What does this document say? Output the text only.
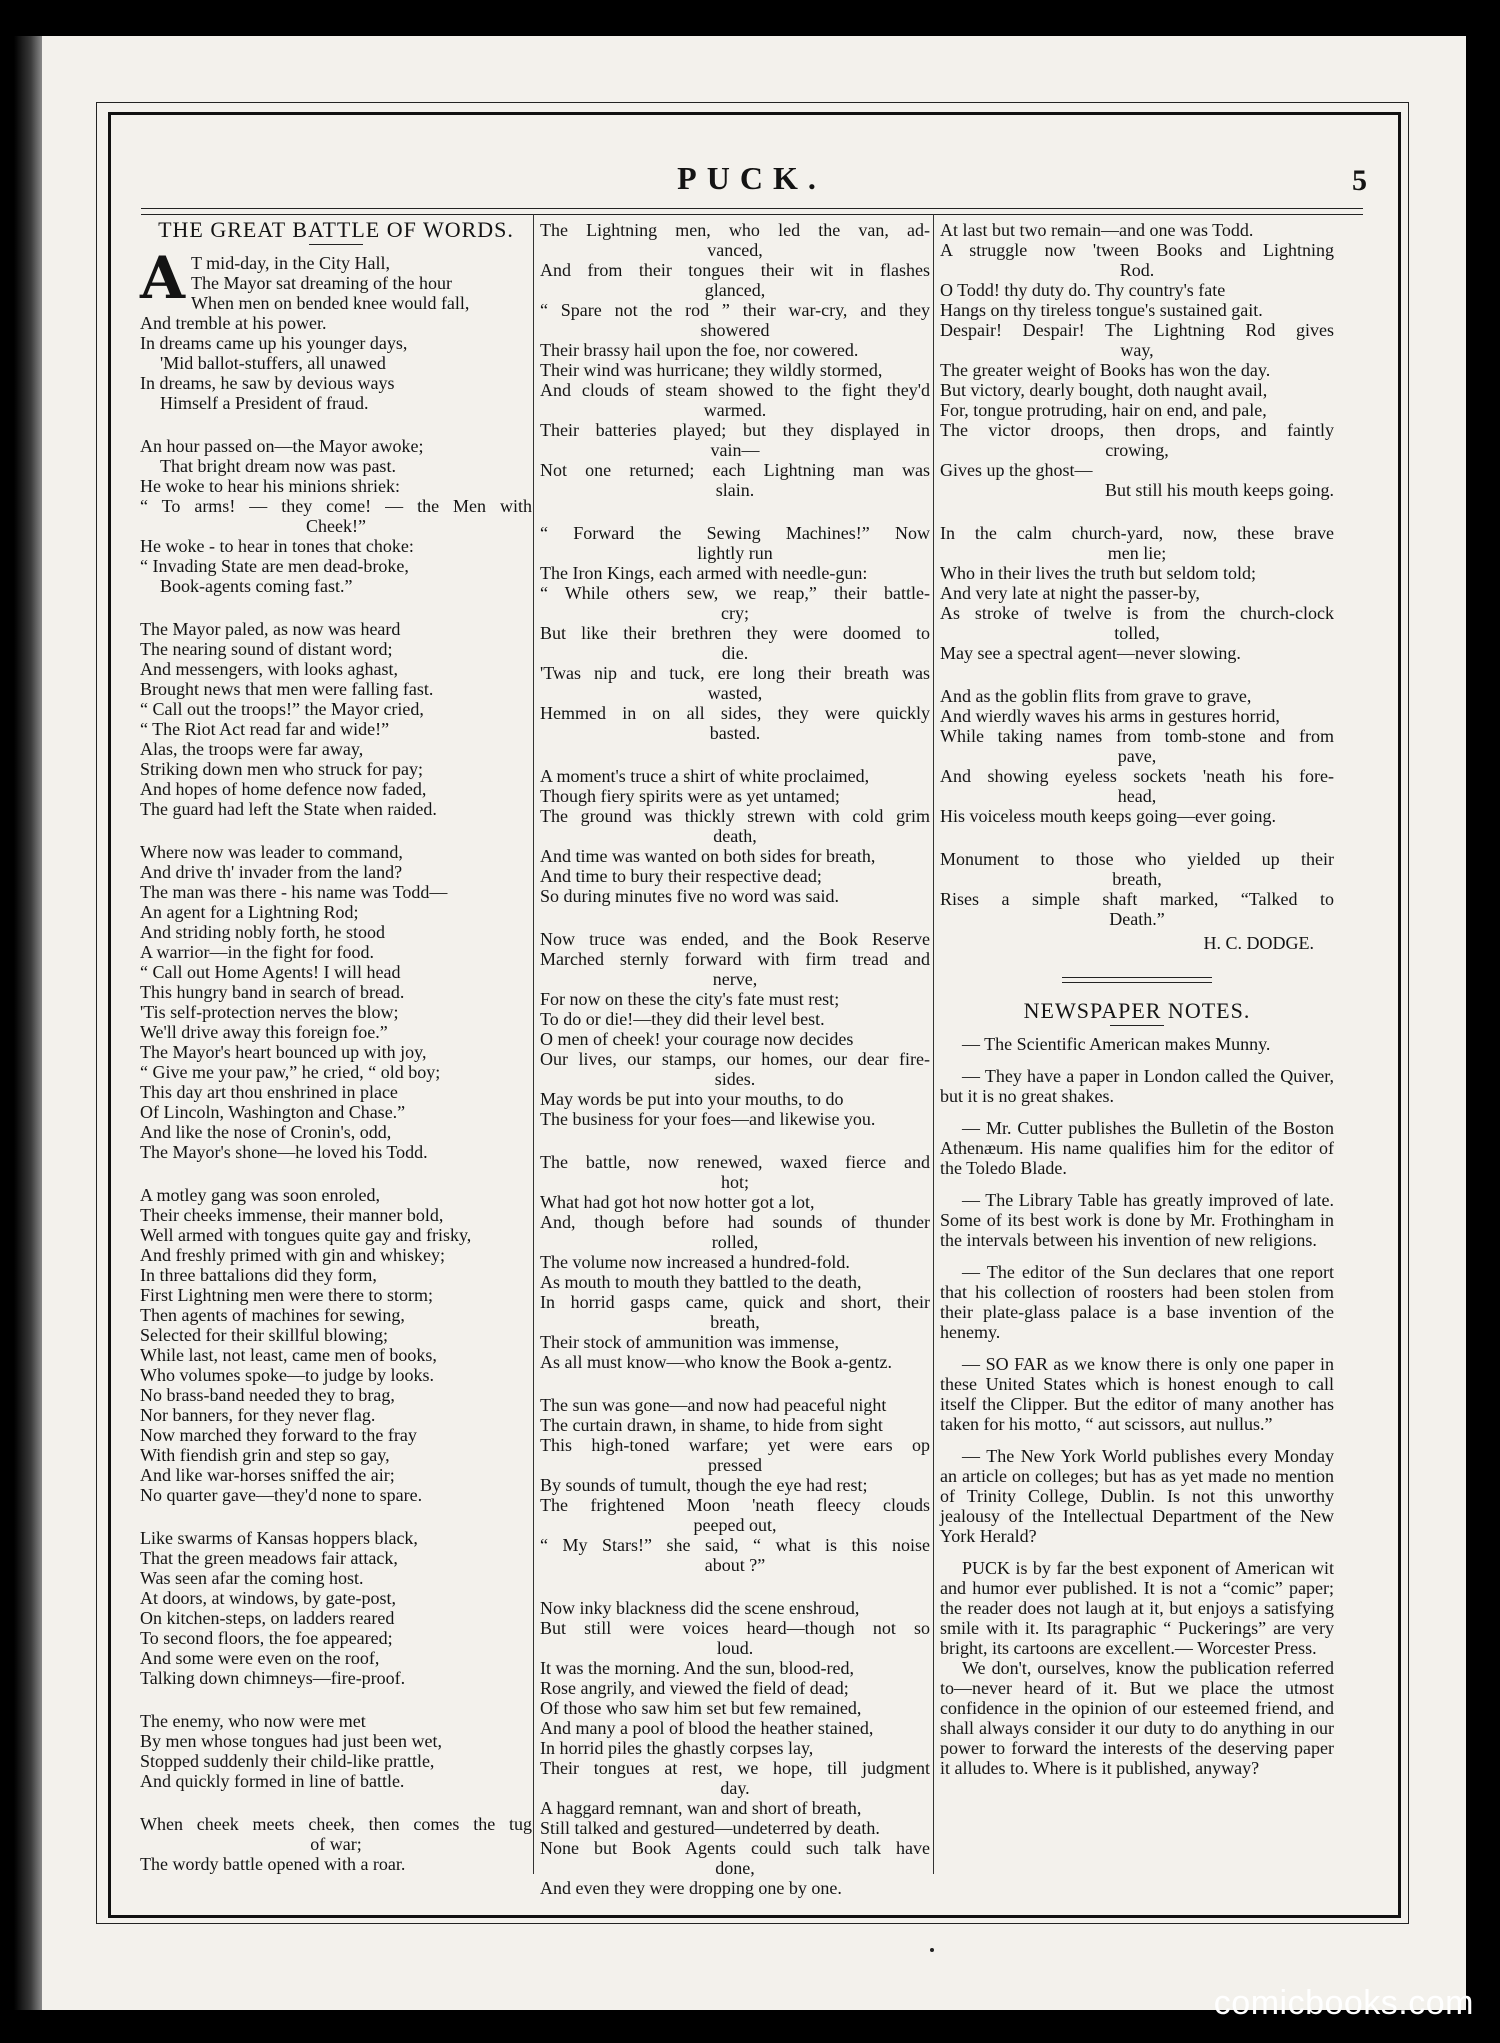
PUCK.	5
THE GREAT BATTLE OF WORDS.
A T mid-day, in the City Hall,
The Mayor sat dreaming of the hour
When men on bended knee would fall,
And tremble at his power.
In dreams came up his younger days,
'Mid ballot-stuffers, all unawed
In dreams, he saw by devious ways
Himself a President of fraud.
An hour passed on—the Mayor awoke;
That bright dream now was past.
He woke to hear his minions shriek:
“ To arms! — they come! — the Men with
Cheek!”
He woke - to hear in tones that choke:
“ Invading State are men dead-broke,
Book-agents coming fast.”
The Mayor paled, as now was heard
The nearing sound of distant word;
And messengers, with looks aghast,
Brought news that men were falling fast.
“ Call out the troops!” the Mayor cried,
“ The Riot Act read far and wide!”
Alas, the troops were far away,
Striking down men who struck for pay;
And hopes of home defence now faded,
The guard had left the State when raided.
Where now was leader to command,
And drive th' invader from the land?
The man was there - his name was Todd—
An agent for a Lightning Rod;
And striding nobly forth, he stood
A warrior—in the fight for food.
“ Call out Home Agents! I will head
This hungry band in search of bread.
'Tis self-protection nerves the blow;
We'll drive away this foreign foe.”
The Mayor's heart bounced up with joy,
“ Give me your paw,” he cried, “ old boy;
This day art thou enshrined in place
Of Lincoln, Washington and Chase.”
And like the nose of Cronin's, odd,
The Mayor's shone—he loved his Todd.
A motley gang was soon enroled,
Their cheeks immense, their manner bold,
Well armed with tongues quite gay and frisky,
And freshly primed with gin and whiskey;
In three battalions did they form,
First Lightning men were there to storm;
Then agents of machines for sewing,
Selected for their skillful blowing;
While last, not least, came men of books,
Who volumes spoke—to judge by looks.
No brass-band needed they to brag,
Nor banners, for they never flag.
Now marched they forward to the fray
With fiendish grin and step so gay,
And like war-horses sniffed the air;
No quarter gave—they'd none to spare.
Like swarms of Kansas hoppers black,
That the green meadows fair attack,
Was seen afar the coming host.
At doors, at windows, by gate-post,
On kitchen-steps, on ladders reared
To second floors, the foe appeared;
And some were even on the roof,
Talking down chimneys—fire-proof.
The enemy, who now were met
By men whose tongues had just been wet,
Stopped suddenly their child-like prattle,
And quickly formed in line of battle.
When cheek meets cheek, then comes the tug
of war;
The wordy battle opened with a roar.
The Lightning men, who led the van, ad-
vanced,
And from their tongues their wit in flashes
glanced,
“ Spare not the rod ” their war-cry, and they
showered
Their brassy hail upon the foe, nor cowered.
Their wind was hurricane; they wildly stormed,
And clouds of steam showed to the fight they'd
warmed.
Their batteries played; but they displayed in
vain—
Not one returned; each Lightning man was
slain.
“ Forward the Sewing Machines!” Now
lightly run
The Iron Kings, each armed with needle-gun:
“ While others sew, we reap,” their battle-
cry;
But like their brethren they were doomed to
die.
'Twas nip and tuck, ere long their breath was
wasted,
Hemmed in on all sides, they were quickly
basted.
A moment's truce a shirt of white proclaimed,
Though fiery spirits were as yet untamed;
The ground was thickly strewn with cold grim
death,
And time was wanted on both sides for breath,
And time to bury their respective dead;
So during minutes five no word was said.
Now truce was ended, and the Book Reserve
Marched sternly forward with firm tread and
nerve,
For now on these the city's fate must rest;
To do or die!—they did their level best.
O men of cheek! your courage now decides
Our lives, our stamps, our homes, our dear fire-
sides.
May words be put into your mouths, to do
The business for your foes—and likewise you.
The battle, now renewed, waxed fierce and
hot;
What had got hot now hotter got a lot,
And, though before had sounds of thunder
rolled,
The volume now increased a hundred-fold.
As mouth to mouth they battled to the death,
In horrid gasps came, quick and short, their
breath,
Their stock of ammunition was immense,
As all must know—who know the Book a-gentz.
The sun was gone—and now had peaceful night
The curtain drawn, in shame, to hide from sight
This high-toned warfare; yet were ears op
pressed
By sounds of tumult, though the eye had rest;
The frightened Moon 'neath fleecy clouds
peeped out,
“ My Stars!” she said, “ what is this noise
about ?”
Now inky blackness did the scene enshroud,
But still were voices heard—though not so
loud.
It was the morning. And the sun, blood-red,
Rose angrily, and viewed the field of dead;
Of those who saw him set but few remained,
And many a pool of blood the heather stained,
In horrid piles the ghastly corpses lay,
Their tongues at rest, we hope, till judgment
day.
A haggard remnant, wan and short of breath,
Still talked and gestured—undeterred by death.
None but Book Agents could such talk have
done,
And even they were dropping one by one.
At last but two remain—and one was Todd.
A struggle now 'tween Books and Lightning
Rod.
O Todd! thy duty do. Thy country's fate
Hangs on thy tireless tongue's sustained gait.
Despair! Despair! The Lightning Rod gives
way,
The greater weight of Books has won the day.
But victory, dearly bought, doth naught avail,
For, tongue protruding, hair on end, and pale,
The victor droops, then drops, and faintly
crowing,
Gives up the ghost—
But still his mouth keeps going.
In the calm church-yard, now, these brave
men lie;
Who in their lives the truth but seldom told;
And very late at night the passer-by,
As stroke of twelve is from the church-clock
tolled,
May see a spectral agent—never slowing.
And as the goblin flits from grave to grave,
And wierdly waves his arms in gestures horrid,
While taking names from tomb-stone and from
pave,
And showing eyeless sockets 'neath his fore-
head,
His voiceless mouth keeps going—ever going.
Monument to those who yielded up their
breath,
Rises a simple shaft marked, “Talked to
Death.”
H. C. DODGE.
NEWSPAPER NOTES.

— The Scientific American makes Munny.

— They have a paper in London called the Quiver, but it is no great shakes.

— Mr. Cutter publishes the Bulletin of the Boston Athenæum. His name qualifies him for the editor of the Toledo Blade.

— The Library Table has greatly improved of late. Some of its best work is done by Mr. Frothingham in the intervals between his invention of new religions.

— The editor of the Sun declares that one report that his collection of roosters had been stolen from their plate-glass palace is a base invention of the henemy.

— SO FAR as we know there is only one paper in these United States which is honest enough to call itself the Clipper. But the editor of many another has taken for his motto, “ aut scissors, aut nullus.”

— The New York World publishes every Monday an article on colleges; but has as yet made no mention of Trinity College, Dublin. Is not this unworthy jealousy of the Intellectual Department of the New York Herald?

PUCK is by far the best exponent of American wit and humor ever published. It is not a “comic” paper; the reader does not laugh at it, but enjoys a satisfying smile with it. Its paragraphic “ Puckerings” are very bright, its cartoons are excellent.— Worcester Press.

We don't, ourselves, know the publication referred to—never heard of it. But we place the utmost confidence in the opinion of our esteemed friend, and shall always consider it our duty to do anything in our power to forward the interests of the deserving paper it alludes to. Where is it published, anyway?

comicbooks.com
